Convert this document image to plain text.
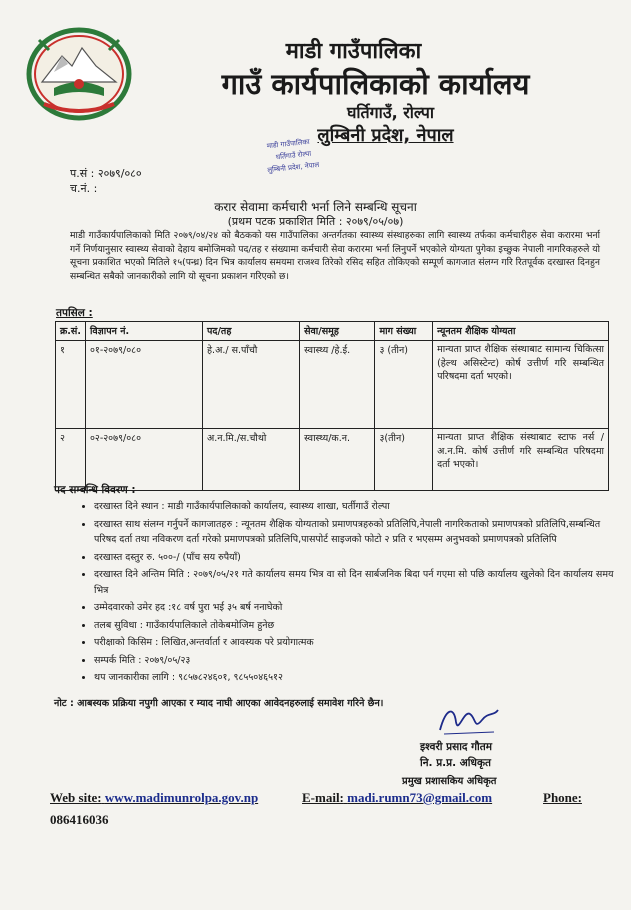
माडी गाउँपालिका
गाउँ कार्यपालिकाको कार्यालय
घर्तिगाउँ, रोल्पा
लुम्बिनी प्रदेश, नेपाल
माडी गाउँपालिका
घर्तिगाउँ रोल्पा
लुम्बिनी प्रदेश, नेपाल
प.सं : २०७९/०८०
च.नं. :
करार सेवामा कर्मचारी भर्ना लिने सम्बन्धि सूचना
(प्रथम पटक प्रकाशित मिति : २०७९/०५/०७)
माडी गाउँकार्यपालिकाको मिति २०७९/०४/२४ को बैठकको यस गाउँपालिका अन्तर्गतका स्वास्थ्य संस्थाहरुका लागि स्वास्थ्य तर्फका कर्मचारीहरु सेवा करारमा भर्ना गर्ने निर्णयानुसार स्वास्थ्य सेवाको देहाय बमोजिमको पद/तह र संख्यामा कर्मचारी सेवा करारमा भर्ना लिनुपर्ने भएकोले योग्यता पुगेका इच्छुक नेपाली नागरिकहरुले यो सूचना प्रकाशित भएको मितिले १५(पन्ध्र) दिन भित्र कार्यालय समयमा राजश्व तिरेको रसिद सहित तोकिएको सम्पूर्ण कागजात संलग्न गरि रितपूर्वक दरखास्त दिनहुन सम्बन्धित सबैको जानकारीको लागि यो सूचना प्रकाशन गरिएको छ।
तपसिल :
क्र.सं.	विज्ञापन नं.	पद/तह	सेवा/समूह	माग संख्या	न्यूनतम शैक्षिक योग्यता
१	०१-२०७९/०८०	हे.अ./ स.पाँचौ	स्वास्थ्य /हे.ई.	३ (तीन)	मान्यता प्राप्त शैक्षिक संस्थाबाट सामान्य चिकित्सा (हेल्थ असिस्टेन्ट) कोर्ष उत्तीर्ण गरि सम्बन्धित परिषदमा दर्ता भएको।
२	०२-२०७९/०८०	अ.न.मि./स.चौथो	स्वास्थ्य/क.न.	३(तीन)	मान्यता प्राप्त शैक्षिक संस्थाबाट स्टाफ नर्स / अ.न.मि. कोर्ष उत्तीर्ण गरि सम्बन्धित परिषदमा दर्ता भएको।
पद सम्बन्धि विवरण :
• दरखास्त दिने स्थान : माडी गाउँकार्यपालिकाको कार्यालय, स्वास्थ्य शाखा, घर्तीगाउँ रोल्पा
• दरखास्त साथ संलग्न गर्नुपर्ने कागजातहरु : न्यूनतम शैक्षिक योग्यताको प्रमाणपत्रहरुको प्रतिलिपि,नेपाली नागरिकताको प्रमाणपत्रको प्रतिलिपि,सम्बन्धित परिषद दर्ता तथा नविकरण दर्ता गरेको प्रमाणपत्रको प्रतिलिपि,पासपोर्ट साइजको फोटो २ प्रति र भएसम्म अनुभवको प्रमाणपत्रको प्रतिलिपि
• दरखास्त दस्तुर रु. ५००-/ (पाँच सय रुपैयाँ)
• दरखास्त दिने अन्तिम मिति : २०७९/०५/२१ गते कार्यालय समय भित्र वा सो दिन सार्बजनिक बिदा पर्न गएमा सो पछि कार्यालय खुलेको दिन कार्यालय समय भित्र
• उम्मेदवारको उमेर हद :१८ वर्ष पुरा भई ३५ बर्ष ननाघेको
• तलब सुविधा : गाउँकार्यपालिकाले तोकेबमोजिम हुनेछ
• परीक्षाको किसिम : लिखित,अन्तर्वार्ता र आवस्यक परे प्रयोगात्मक
• सम्पर्क मिति : २०७९/०५/२३
• थप जानकारीका लागि : ९८५७८२४६०१, ९८५५०४६५१२
नोट : आबस्यक प्रक्रिया नपुगी आएका र म्याद नाघी आएका आवेदनहरुलाई समावेश गरिने छैन।
इश्वरी प्रसाद गौतम
नि. प्र.प्र. अधिकृत
प्रमुख प्रशासकिय अधिकृत
Web site: www.madimunrolpa.gov.np	E-mail: madi.rumn73@gmail.com	Phone:
086416036
